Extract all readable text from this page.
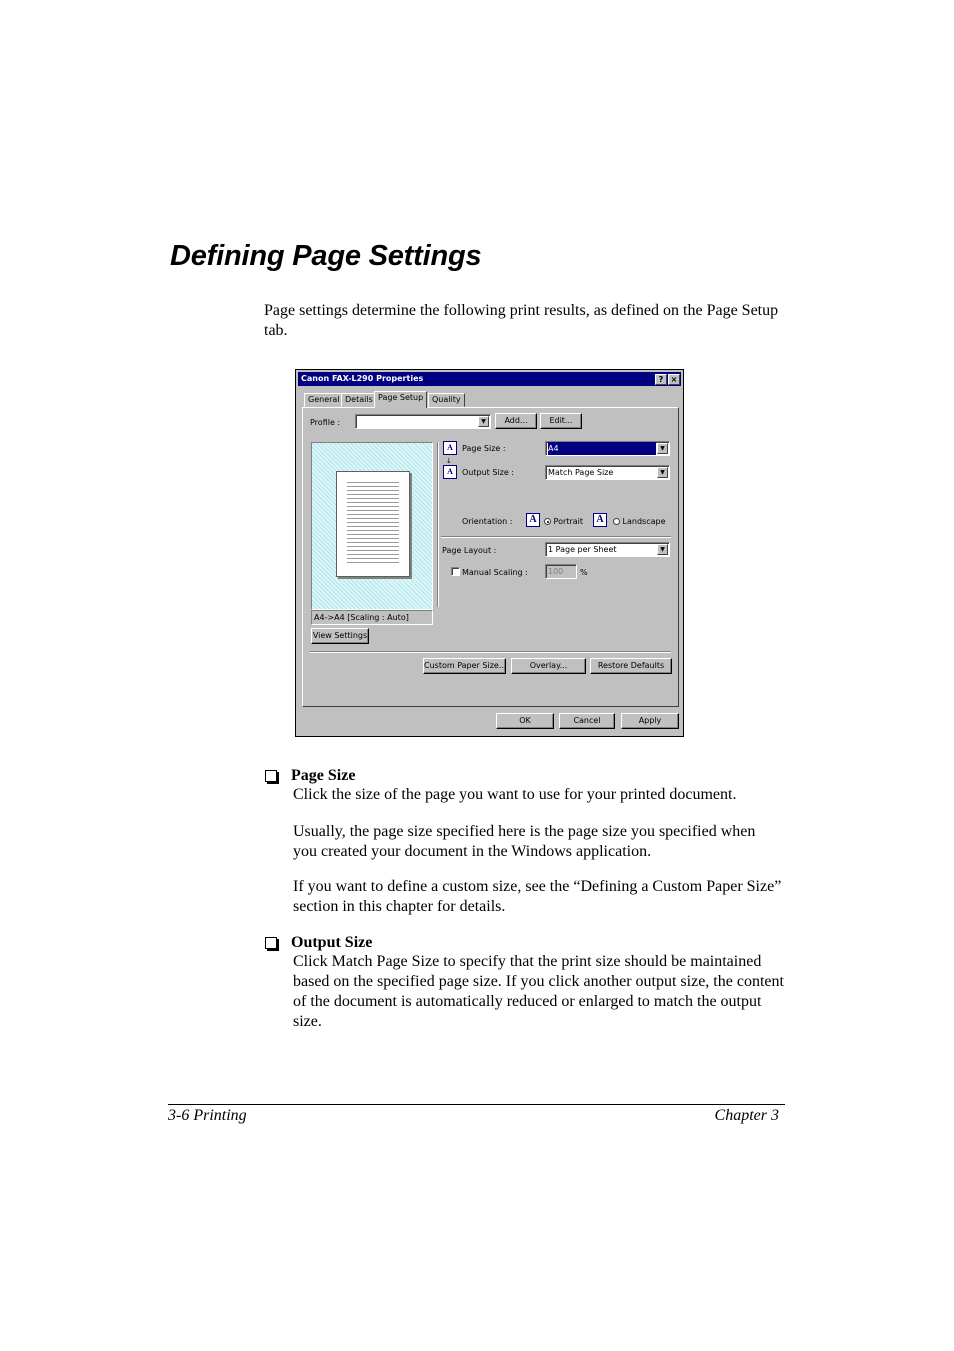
Defining Page Settings
Page settings determine the following print results, as defined on the Page Setup tab.
Canon FAX-L290 Properties	? ×
General Details Page Setup	Quality
Profile :	▼	Add...	Edit...
A4->A4 [Scaling : Auto]
View Settings
A
↓
A
Page Size :	A4	▼
Output Size :	Match Page Size	▼
Orientation :	A	Portrait	A	Landscape
Page Layout :	1 Page per Sheet	▼
Manual Scaling :	100	%
Custom Paper Size...	Overlay...	Restore Defaults
OK	Cancel	Apply
Page Size
Click the size of the page you want to use for your printed document.
Usually, the page size specified here is the page size you specified when you created your document in the Windows application.
If you want to define a custom size, see the “Defining a Custom Paper Size” section in this chapter for details.
Output Size
Click Match Page Size to specify that the print size should be maintained based on the specified page size. If you click another output size, the content of the document is automatically reduced or enlarged to match the output size.
3-6 Printing	Chapter 3
